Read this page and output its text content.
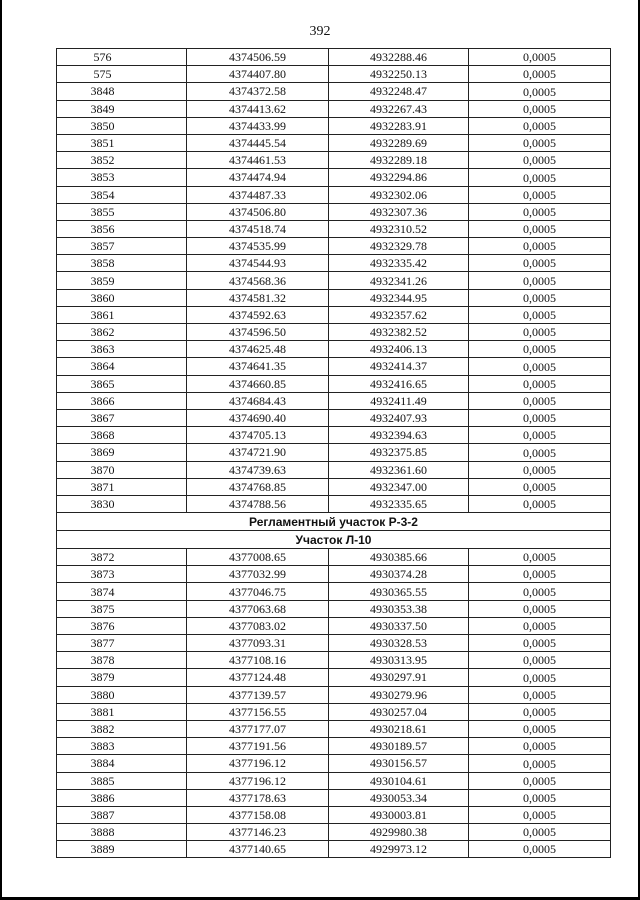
392
576	4374506.59	4932288.46	0,0005
575	4374407.80	4932250.13	0,0005
3848	4374372.58	4932248.47	0,0005
3849	4374413.62	4932267.43	0,0005
3850	4374433.99	4932283.91	0,0005
3851	4374445.54	4932289.69	0,0005
3852	4374461.53	4932289.18	0,0005
3853	4374474.94	4932294.86	0,0005
3854	4374487.33	4932302.06	0,0005
3855	4374506.80	4932307.36	0,0005
3856	4374518.74	4932310.52	0,0005
3857	4374535.99	4932329.78	0,0005
3858	4374544.93	4932335.42	0,0005
3859	4374568.36	4932341.26	0,0005
3860	4374581.32	4932344.95	0,0005
3861	4374592.63	4932357.62	0,0005
3862	4374596.50	4932382.52	0,0005
3863	4374625.48	4932406.13	0,0005
3864	4374641.35	4932414.37	0,0005
3865	4374660.85	4932416.65	0,0005
3866	4374684.43	4932411.49	0,0005
3867	4374690.40	4932407.93	0,0005
3868	4374705.13	4932394.63	0,0005
3869	4374721.90	4932375.85	0,0005
3870	4374739.63	4932361.60	0,0005
3871	4374768.85	4932347.00	0,0005
3830	4374788.56	4932335.65	0,0005
Регламентный участок Р-3-2			
Участок Л-10			
3872	4377008.65	4930385.66	0,0005
3873	4377032.99	4930374.28	0,0005
3874	4377046.75	4930365.55	0,0005
3875	4377063.68	4930353.38	0,0005
3876	4377083.02	4930337.50	0,0005
3877	4377093.31	4930328.53	0,0005
3878	4377108.16	4930313.95	0,0005
3879	4377124.48	4930297.91	0,0005
3880	4377139.57	4930279.96	0,0005
3881	4377156.55	4930257.04	0,0005
3882	4377177.07	4930218.61	0,0005
3883	4377191.56	4930189.57	0,0005
3884	4377196.12	4930156.57	0,0005
3885	4377196.12	4930104.61	0,0005
3886	4377178.63	4930053.34	0,0005
3887	4377158.08	4930003.81	0,0005
3888	4377146.23	4929980.38	0,0005
3889	4377140.65	4929973.12	0,0005
